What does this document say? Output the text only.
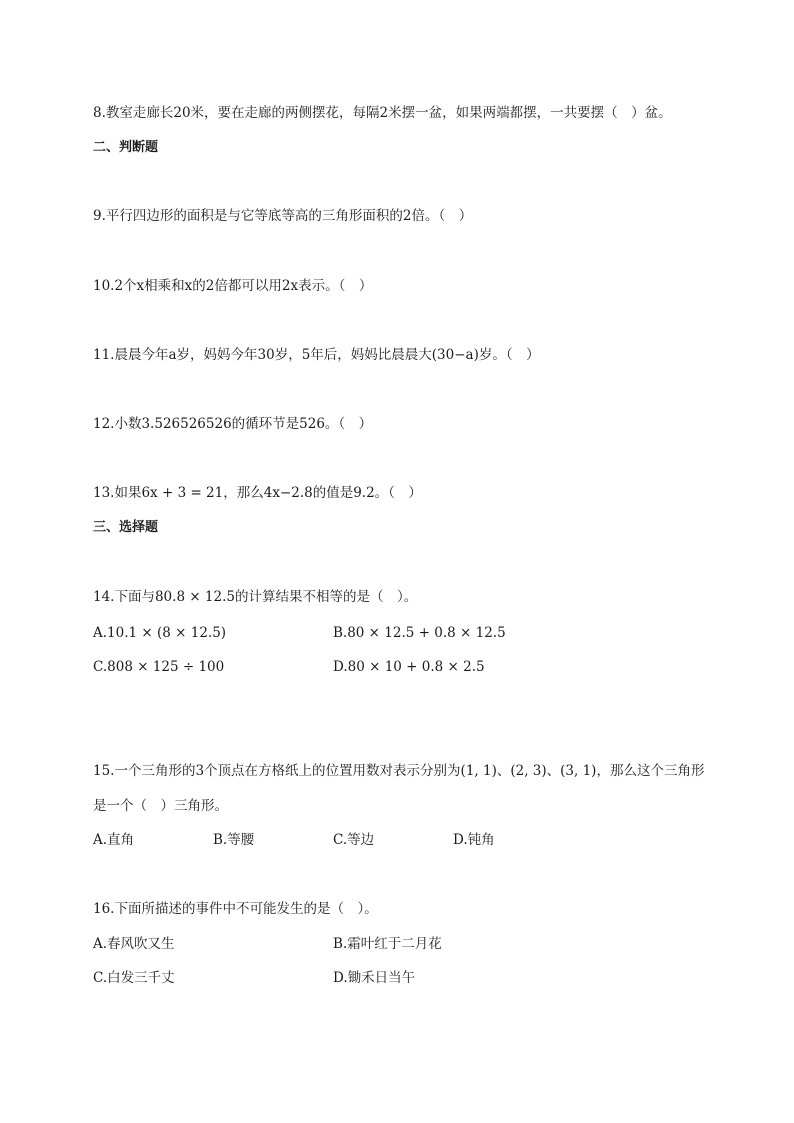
8.教室走廊长20米，要在走廊的两侧摆花，每隔2米摆一盆，如果两端都摆，一共要摆（　）盆。
二、判断题
9.平行四边形的面积是与它等底等高的三角形面积的2倍。（　）
10.2个x相乘和x的2倍都可以用2x表示。（　）
11.晨晨今年a岁，妈妈今年30岁，5年后，妈妈比晨晨大(30−a)岁。（　）
12.小数3.526526526的循环节是526。（　）
13.如果6x + 3 = 21，那么4x−2.8的值是9.2。（　）
三、选择题
14.下面与80.8 × 12.5的计算结果不相等的是（　）。
A.10.1 × (8 × 12.5)	B.80 × 12.5 + 0.8 × 12.5
C.808 × 125 ÷ 100	D.80 × 10 + 0.8 × 2.5
15.一个三角形的3个顶点在方格纸上的位置用数对表示分别为(1, 1)、(2, 3)、(3, 1)，那么这个三角形
是一个（　）三角形。
A.直角	B.等腰	C.等边	D.钝角
16.下面所描述的事件中不可能发生的是（　）。
A.春风吹又生	B.霜叶红于二月花
C.白发三千丈	D.锄禾日当午
